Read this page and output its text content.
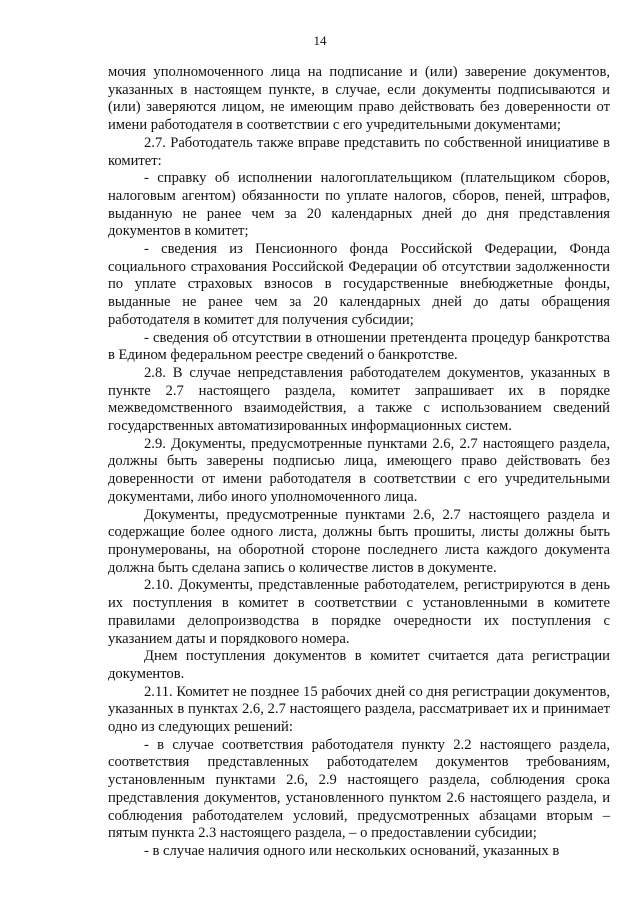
14

мочия уполномоченного лица на подписание и (или) заверение документов, указанных в настоящем пункте, в случае, если документы подписываются и (или) заверяются лицом, не имеющим право действовать без доверенности от имени работодателя в соответствии с его учредительными документами;

2.7. Работодатель также вправе представить по собственной инициативе в комитет:

- справку об исполнении налогоплательщиком (плательщиком сборов, налоговым агентом) обязанности по уплате налогов, сборов, пеней, штрафов, выданную не ранее чем за 20 календарных дней до дня представления документов в комитет;

- сведения из Пенсионного фонда Российской Федерации, Фонда социального страхования Российской Федерации об отсутствии задолженности по уплате страховых взносов в государственные внебюджетные фонды, выданные не ранее чем за 20 календарных дней до даты обращения работодателя в комитет для получения субсидии;

- сведения об отсутствии в отношении претендента процедур банкротства в Едином федеральном реестре сведений о банкротстве.

2.8. В случае непредставления работодателем документов, указанных в пункте 2.7 настоящего раздела, комитет запрашивает их в порядке межведомственного взаимодействия, а также с использованием сведений государственных автоматизированных информационных систем.

2.9. Документы, предусмотренные пунктами 2.6, 2.7 настоящего раздела, должны быть заверены подписью лица, имеющего право действовать без доверенности от имени работодателя в соответствии с его учредительными документами, либо иного уполномоченного лица.

Документы, предусмотренные пунктами 2.6, 2.7 настоящего раздела и содержащие более одного листа, должны быть прошиты, листы должны быть пронумерованы, на оборотной стороне последнего листа каждого документа должна быть сделана запись о количестве листов в документе.

2.10. Документы, представленные работодателем, регистрируются в день их поступления в комитет в соответствии с установленными в комитете правилами делопроизводства в порядке очередности их поступления с указанием даты и порядкового номера.

Днем поступления документов в комитет считается дата регистрации документов.

2.11. Комитет не позднее 15 рабочих дней со дня регистрации документов, указанных в пунктах 2.6, 2.7 настоящего раздела, рассматривает их и принимает одно из следующих решений:

- в случае соответствия работодателя пункту 2.2 настоящего раздела, соответствия представленных работодателем документов требованиям, установленным пунктами 2.6, 2.9 настоящего раздела, соблюдения срока представления документов, установленного пунктом 2.6 настоящего раздела, и соблюдения работодателем условий, предусмотренных абзацами вторым – пятым пункта 2.3 настоящего раздела, – о предоставлении субсидии;

- в случае наличия одного или нескольких оснований, указанных в
